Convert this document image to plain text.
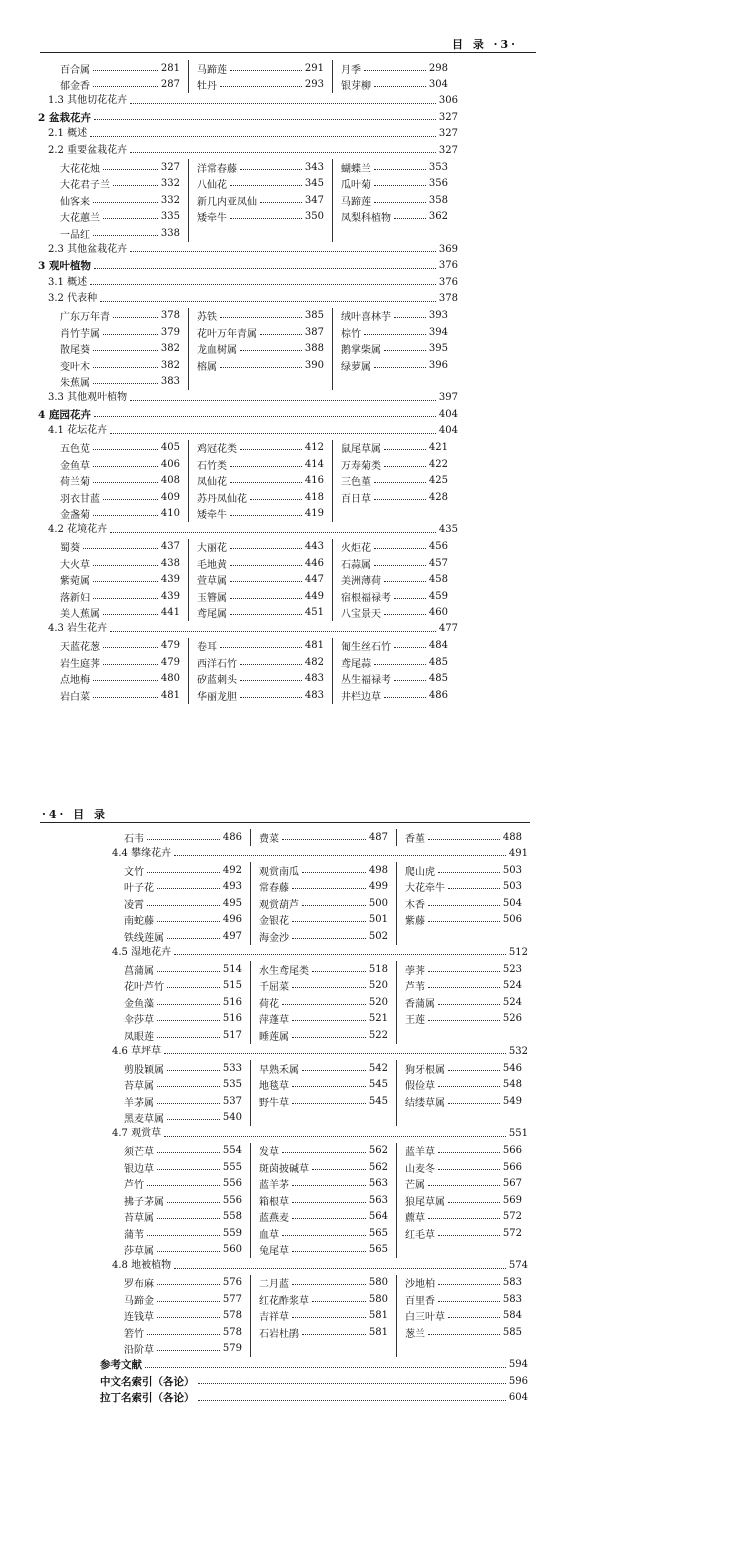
目 录 ·3·
百合属	281
郁金香	287
马蹄莲	291
牡丹	293
月季	298
银芽柳	304
1.3 其他切花花卉	306
2 盆栽花卉	327
2.1 概述	327
2.2 重要盆栽花卉	327
大花花烛	327
大花君子兰	332
仙客来	332
大花蕙兰	335
一品红	338
洋常春藤	343
八仙花	345
新几内亚凤仙	347
矮牵牛	350
蝴蝶兰	353
瓜叶菊	356
马蹄莲	358
凤梨科植物	362
2.3 其他盆栽花卉	369
3 观叶植物	376
3.1 概述	376
3.2 代表种	378
广东万年青	378
肖竹芋属	379
散尾葵	382
变叶木	382
朱蕉属	383
苏铁	385
花叶万年青属	387
龙血树属	388
榕属	390
绒叶喜林芋	393
棕竹	394
鹅掌柴属	395
绿萝属	396
3.3 其他观叶植物	397
4 庭园花卉	404
4.1 花坛花卉	404
五色苋	405
金鱼草	406
荷兰菊	408
羽衣甘蓝	409
金盏菊	410
鸡冠花类	412
石竹类	414
凤仙花	416
苏丹凤仙花	418
矮牵牛	419
鼠尾草属	421
万寿菊类	422
三色堇	425
百日草	428
4.2 花境花卉	435
蜀葵	437
大火草	438
紫菀属	439
落新妇	439
美人蕉属	441
大丽花	443
毛地黄	446
萱草属	447
玉簪属	449
鸢尾属	451
火炬花	456
石蒜属	457
美洲薄荷	458
宿根福禄考	459
八宝景天	460
4.3 岩生花卉	477
天蓝花葱	479
岩生庭荠	479
点地梅	480
岩白菜	481
卷耳	481
西洋石竹	482
矽蓝刺头	483
华丽龙胆	483
匍生丝石竹	484
鸢尾蒜	485
丛生福禄考	485
井栏边草	486
·4· 目 录
石韦	486 费菜	487 香堇	488
4.4 攀缘花卉	491
文竹	492
叶子花	493
凌霄	495
南蛇藤	496
铁线莲属	497
观赏南瓜	498
常春藤	499
观赏葫芦	500
金银花	501
海金沙	502
爬山虎	503
大花牵牛	503
木香	504
紫藤	506
4.5 湿地花卉	512
菖蒲属	514
花叶芦竹	515
金鱼藻	516
伞莎草	516
凤眼莲	517
水生鸢尾类	518
千屈菜	520
荷花	520
萍蓬草	521
睡莲属	522
荸荠	523
芦苇	524
香蒲属	524
王莲	526
4.6 草坪草	532
剪股颖属	533
苔草属	535
羊茅属	537
黑麦草属	540
早熟禾属	542
地毯草	545
野牛草	545
狗牙根属	546
假俭草	548
结缕草属	549
4.7 观赏草	551
须芒草	554
银边草	555
芦竹	556
拂子茅属	556
苔草属	558
蒲苇	559
莎草属	560
发草	562
斑茵披碱草	562
蓝羊茅	563
箱根草	563
蓝燕麦	564
血草	565
兔尾草	565
蓝羊草	566
山麦冬	566
芒属	567
狼尾草属	569
藨草	572
红毛草	572
4.8 地被植物	574
罗布麻	576
马蹄金	577
连钱草	578
箬竹	578
沿阶草	579
二月蓝	580
红花酢浆草	580
吉祥草	581
石岩杜鹃	581
沙地柏	583
百里香	583
白三叶草	584
葱兰	585
参考文献	594
中文名索引（各论）	596
拉丁名索引（各论）	604
